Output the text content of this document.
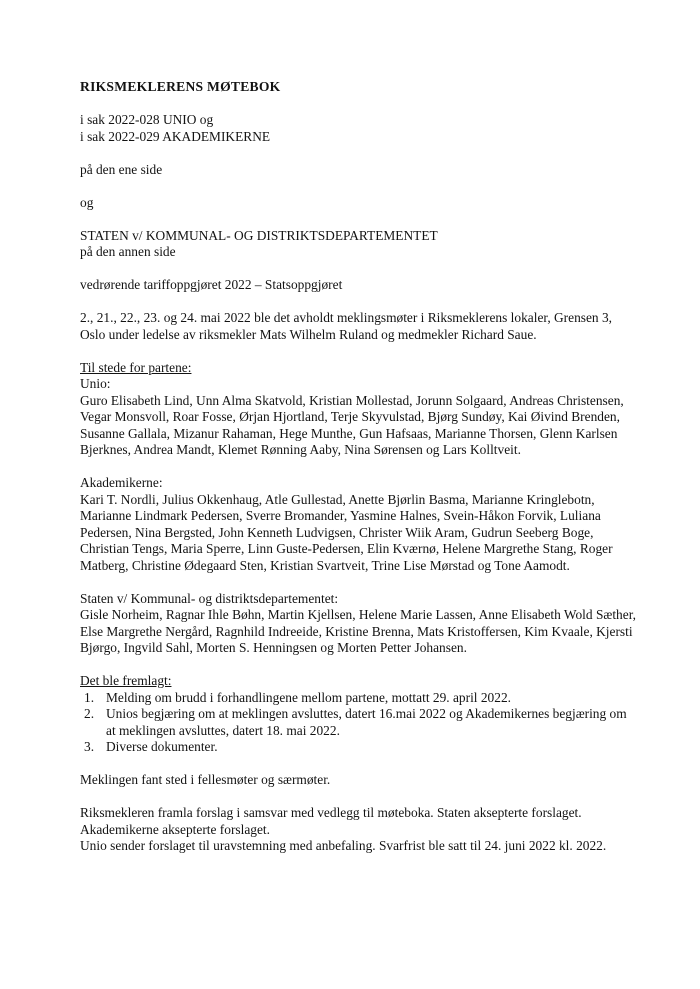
RIKSMEKLERENS MØTEBOK

i sak 2022-028 UNIO og
i sak 2022-029 AKADEMIKERNE

på den ene side

og

STATEN v/ KOMMUNAL- OG DISTRIKTSDEPARTEMENTET
på den annen side

vedrørende tariffoppgjøret 2022 – Statsoppgjøret

2., 21., 22., 23. og 24. mai 2022 ble det avholdt meklingsmøter i Riksmeklerens lokaler, Grensen 3, Oslo under ledelse av riksmekler Mats Wilhelm Ruland og medmekler Richard Saue.

Til stede for partene:
Unio:
Guro Elisabeth Lind, Unn Alma Skatvold, Kristian Mollestad, Jorunn Solgaard, Andreas Christensen, Vegar Monsvoll, Roar Fosse, Ørjan Hjortland, Terje Skyvulstad, Bjørg Sundøy, Kai Øivind Brenden, Susanne Gallala, Mizanur Rahaman, Hege Munthe, Gun Hafsaas, Marianne Thorsen, Glenn Karlsen Bjerknes, Andrea Mandt, Klemet Rønning Aaby, Nina Sørensen og Lars Kolltveit.
Akademikerne:
Kari T. Nordli, Julius Okkenhaug, Atle Gullestad, Anette Bjørlin Basma, Marianne Kringlebotn, Marianne Lindmark Pedersen, Sverre Bromander, Yasmine Halnes, Svein-Håkon Forvik, Luliana Pedersen, Nina Bergsted, John Kenneth Ludvigsen, Christer Wiik Aram, Gudrun Seeberg Boge, Christian Tengs, Maria Sperre, Linn Guste-Pedersen, Elin Kværnø, Helene Margrethe Stang, Roger Matberg, Christine Ødegaard Sten, Kristian Svartveit, Trine Lise Mørstad og Tone Aamodt.
Staten v/ Kommunal- og distriktsdepartementet:
Gisle Norheim, Ragnar Ihle Bøhn, Martin Kjellsen, Helene Marie Lassen, Anne Elisabeth Wold Sæther, Else Margrethe Nergård, Ragnhild Indreeide, Kristine Brenna, Mats Kristoffersen, Kim Kvaale, Kjersti Bjørgo, Ingvild Sahl, Morten S. Henningsen og Morten Petter Johansen.
Det ble fremlagt:
1. Melding om brudd i forhandlingene mellom partene, mottatt 29. april 2022.
2. Unios begjæring om at meklingen avsluttes, datert 16.mai 2022 og Akademikernes begjæring om at meklingen avsluttes, datert 18. mai 2022.
3. Diverse dokumenter.

Meklingen fant sted i fellesmøter og særmøter.

Riksmekleren framla forslag i samsvar med vedlegg til møteboka. Staten aksepterte forslaget.
Akademikerne aksepterte forslaget.
Unio sender forslaget til uravstemning med anbefaling. Svarfrist ble satt til 24. juni 2022 kl. 2022.
